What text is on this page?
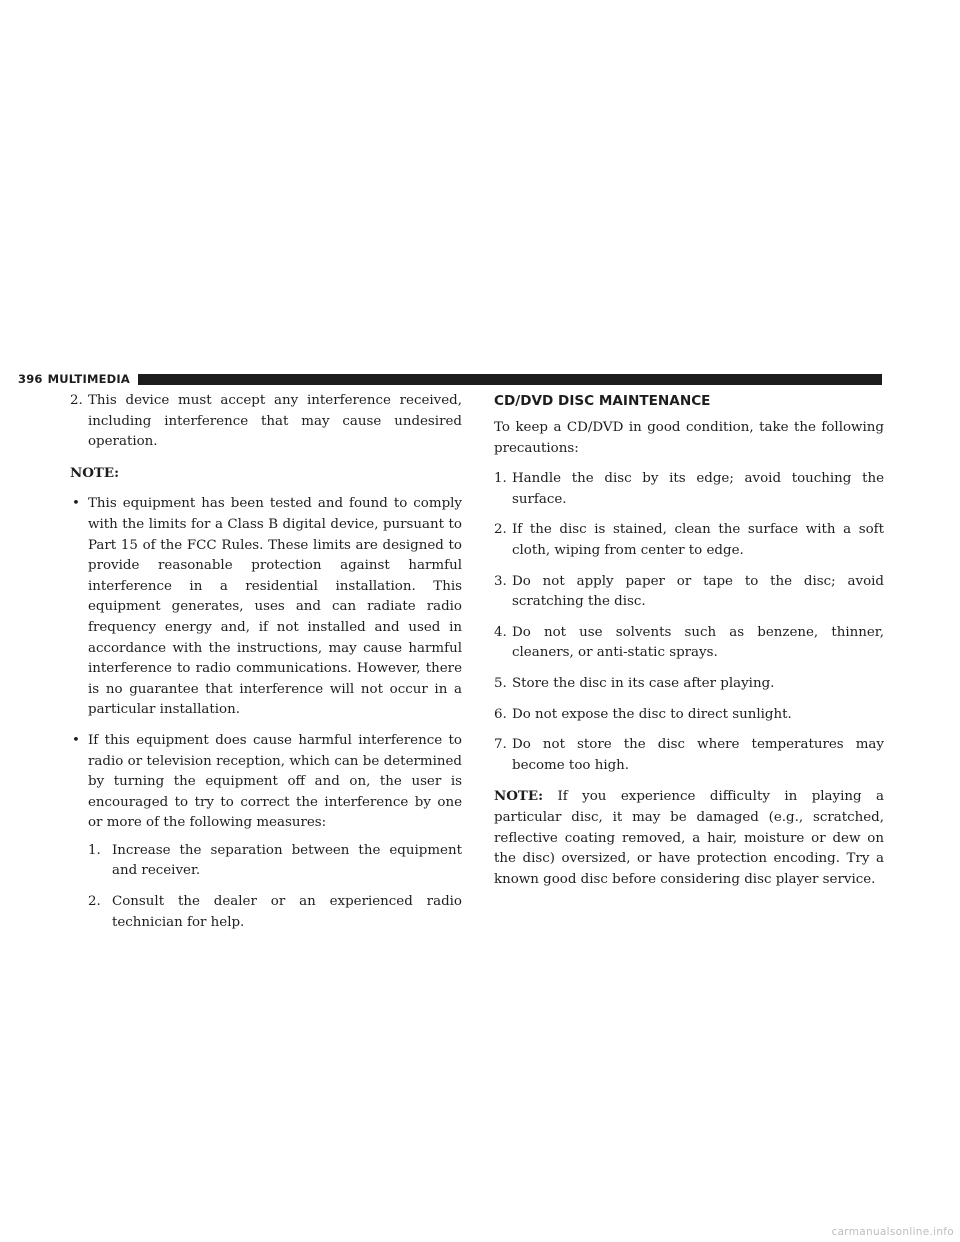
396 MULTIMEDIA
2. This device must accept any interference received, including interference that may cause undesired operation.

NOTE:

• This equipment has been tested and found to comply with the limits for a Class B digital device, pursuant to Part 15 of the FCC Rules. These limits are designed to provide reasonable protection against harmful interference in a residential installation. This equipment generates, uses and can radiate radio frequency energy and, if not installed and used in accordance with the instructions, may cause harmful interference to radio communications. However, there is no guarantee that interference will not occur in a particular installation.
• If this equipment does cause harmful interference to radio or television reception, which can be determined by turning the equipment off and on, the user is encouraged to try to correct the interference by one or more of the following measures:
1. Increase the separation between the equipment and receiver.
2. Consult the dealer or an experienced radio technician for help.

CD/DVD DISC MAINTENANCE

To keep a CD/DVD in good condition, take the following precautions:

1. Handle the disc by its edge; avoid touching the surface.
2. If the disc is stained, clean the surface with a soft cloth, wiping from center to edge.
3. Do not apply paper or tape to the disc; avoid scratching the disc.
4. Do not use solvents such as benzene, thinner, cleaners, or anti-static sprays.
5. Store the disc in its case after playing.
6. Do not expose the disc to direct sunlight.
7. Do not store the disc where temperatures may become too high.

NOTE: If you experience difficulty in playing a particular disc, it may be damaged (e.g., scratched, reflective coating removed, a hair, moisture or dew on the disc) oversized, or have protection encoding. Try a known good disc before considering disc player service.

carmanualsonline.info
